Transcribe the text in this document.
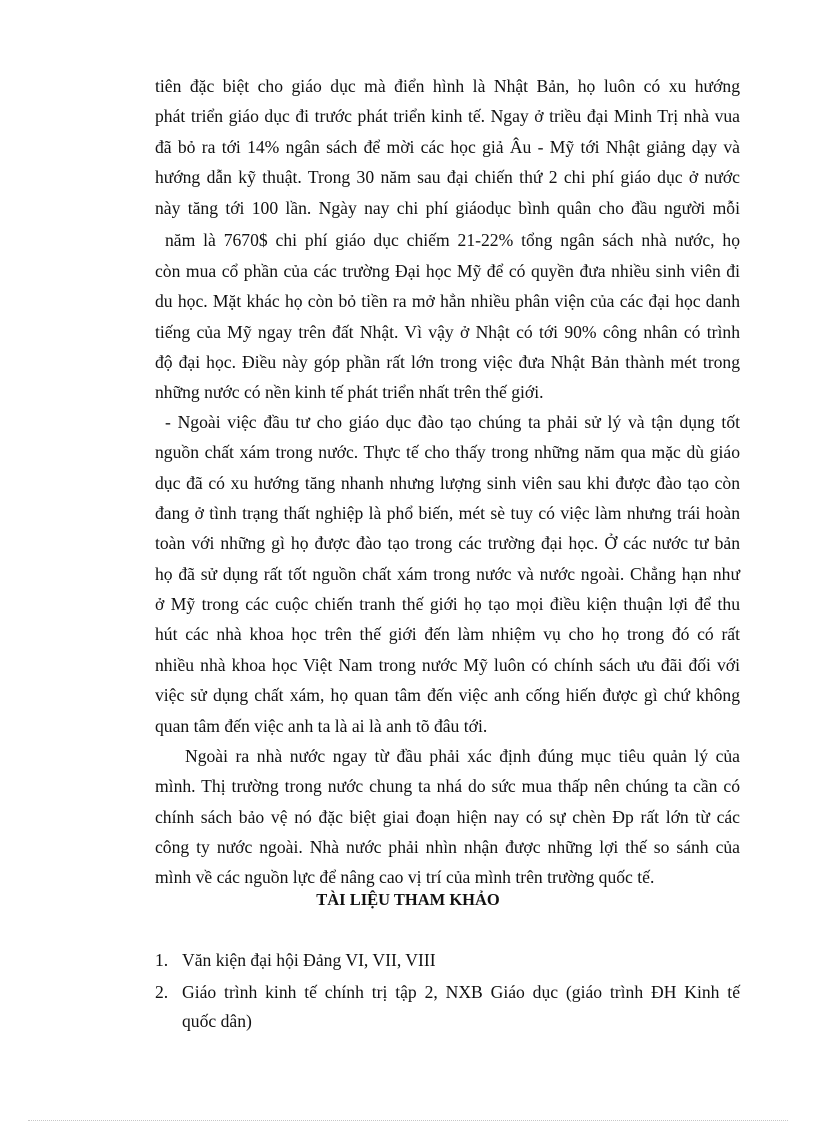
tiên đặc biệt cho giáo dục mà điển hình là Nhật Bản, họ luôn có xu hướng
phát triển giáo dục đi trước phát triển kinh tế. Ngay ở triều đại Minh Trị nhà vua
đã bỏ ra tới 14% ngân sách để mời các học giả Âu - Mỹ tới Nhật giảng dạy và
hướng dẫn kỹ thuật. Trong 30 năm sau đại chiến thứ 2 chi phí giáo dục ở nước
này tăng tới 100 lần. Ngày nay chi phí giáodục bình quân cho đầu người mỗi
năm là 7670$ chi phí giáo dục chiếm 21-22% tổng ngân sách nhà nước, họ
còn mua cổ phần của các trường Đại học Mỹ để có quyền đưa nhiều sinh viên đi
du học. Mặt khác họ còn bỏ tiền ra mở hẳn nhiều phân viện của các đại học danh
tiếng của Mỹ ngay trên đất Nhật. Vì vậy ở Nhật có tới 90% công nhân có trình
độ đại học. Điều này góp phần rất lớn trong việc đưa Nhật Bản thành mét trong
những nước có nền kinh tế phát triển nhất trên thế giới.
- Ngoài việc đầu tư cho giáo dục đào tạo chúng ta phải sử lý và tận dụng tốt
nguồn chất xám trong nước. Thực tế cho thấy trong những năm qua mặc dù giáo
dục đã có xu hướng tăng nhanh nhưng lượng sinh viên sau khi được đào tạo còn
đang ở tình trạng thất nghiệp là phổ biến, mét sè tuy có việc làm nhưng trái hoàn
toàn với những gì họ được đào tạo trong các trường đại học. Ở các nước tư bản
họ đã sử dụng rất tốt nguồn chất xám trong nước và nước ngoài. Chẳng hạn như
ở Mỹ trong các cuộc chiến tranh thế giới họ tạo mọi điều kiện thuận lợi để thu
hút các nhà khoa học trên thế giới đến làm nhiệm vụ cho họ trong đó có rất
nhiều nhà khoa học Việt Nam trong nước Mỹ luôn có chính sách ưu đãi đối với
việc sử dụng chất xám, họ quan tâm đến việc anh cống hiến được gì chứ không
quan tâm đến việc anh ta là ai là anh tõ đâu tới.
Ngoài ra nhà nước ngay từ đầu phải xác định đúng mục tiêu quản lý của
mình. Thị trường trong nước chung ta nhá do sức mua thấp nên chúng ta cần có
chính sách bảo vệ nó đặc biệt giai đoạn hiện nay có sự chèn Ðp rất lớn từ các
công ty nước ngoài. Nhà nước phải nhìn nhận được những lợi thế so sánh của
mình về các nguồn lực để nâng cao vị trí của mình trên trường quốc tế.
TÀI LIỆU THAM KHẢO
1. Văn kiện đại hội Đảng VI, VII, VIII
2. Giáo trình kinh tế chính trị tập 2, NXB Giáo dục (giáo trình ĐH Kinh tế
quốc dân)
